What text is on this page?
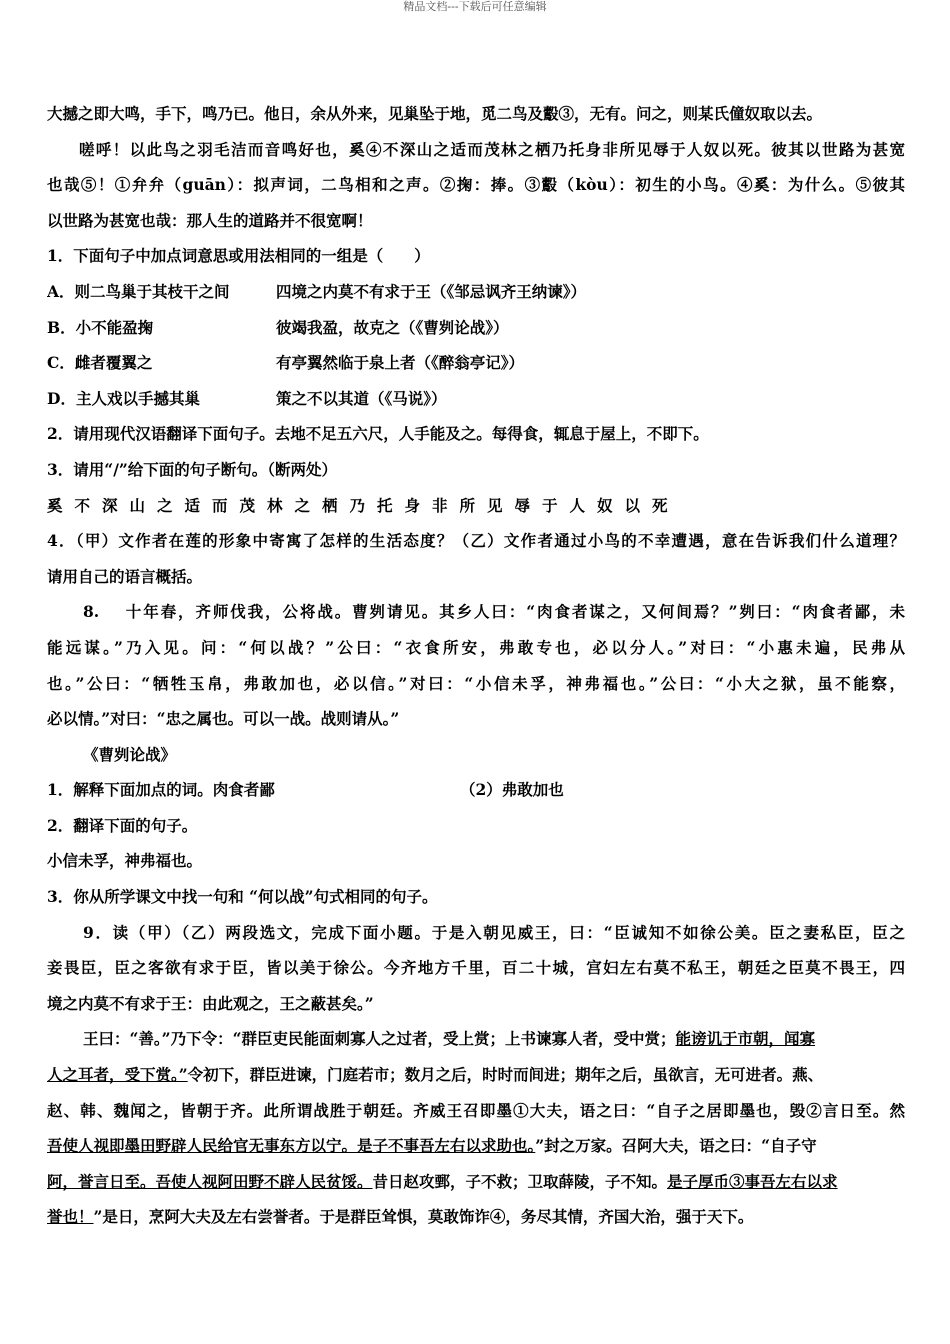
精品文档---下载后可任意编辑
大撼之即大鸣，手下，鸣乃已。他日，余从外来，见巢坠于地，觅二鸟及鷇③，无有。问之，则某氏僮奴取以去。
嗟呼！以此鸟之羽毛洁而音鸣好也，奚④不深山之适而茂林之栖乃托身非所见辱于人奴以死。彼其以世路为甚宽
也哉⑤！①弁弁（guān）：拟声词，二鸟相和之声。②掬：捧。③鷇（kòu）：初生的小鸟。④奚：为什么。⑤彼其
以世路为甚宽也哉：那人生的道路并不很宽啊！
1．下面句子中加点词意思或用法相同的一组是（　　）
A．则二鸟巢于其枝干之间	四境之内莫不有求于王（《邹忌讽齐王纳谏》）
B．小不能盈掬	彼竭我盈，故克之（《曹刿论战》）
C．雌者覆翼之	有亭翼然临于泉上者（《醉翁亭记》）
D．主人戏以手撼其巢	策之不以其道（《马说》）
2．请用现代汉语翻译下面句子。去地不足五六尺，人手能及之。每得食，辄息于屋上，不即下。
3．请用“/”给下面的句子断句。（断两处）
奚不深山之适而茂林之栖乃托身非所见辱于人奴以死
4．（甲）文作者在莲的形象中寄寓了怎样的生活态度？（乙）文作者通过小鸟的不幸遭遇，意在告诉我们什么道理？
请用自己的语言概括。
8.　 十年春，齐师伐我，公将战。曹刿请见。其乡人曰：“肉食者谋之，又何间焉？”刿曰：“肉食者鄙，未
能远谋。”乃入见。问：“何以战？”公曰：“衣食所安，弗敢专也，必以分人。”对曰：“小惠未遍，民弗从
也。”公曰：“牺牲玉帛，弗敢加也，必以信。”对曰：“小信未孚，神弗福也。”公曰：“小大之狱，虽不能察，
必以情。”对曰：“忠之属也。可以一战。战则请从。”
《曹刿论战》
1．解释下面加点的词。肉食者鄙	（2）弗敢加也
2．翻译下面的句子。
小信未孚，神弗福也。
3．你从所学课文中找一句和 “何以战”句式相同的句子。
9．读（甲）（乙）两段选文，完成下面小题。于是入朝见威王，曰：“臣诚知不如徐公美。臣之妻私臣，臣之
妾畏臣，臣之客欲有求于臣，皆以美于徐公。今齐地方千里，百二十城，宫妇左右莫不私王，朝廷之臣莫不畏王，四
境之内莫不有求于王：由此观之，王之蔽甚矣。”
王曰：“善。”乃下令：“群臣吏民能面刺寡人之过者，受上赏；上书谏寡人者，受中赏；能谤讥于市朝，闻寡
人之耳者，受下赏。”令初下，群臣进谏，门庭若市；数月之后，时时而间进；期年之后，虽欲言，无可进者。燕、
赵、韩、魏闻之，皆朝于齐。此所谓战胜于朝廷。齐威王召即墨①大夫，语之曰：“自子之居即墨也，毁②言日至。然
吾使人视即墨田野辟人民给官无事东方以宁。是子不事吾左右以求助也。”封之万家。召阿大夫，语之曰：“自子守
阿，誉言日至。吾使人视阿田野不辟人民贫馁。昔日赵攻鄄，子不救；卫取薛陵，子不知。是子厚币③事吾左右以求
誉也！”是日，烹阿大夫及左右尝誉者。于是群臣耸惧，莫敢饰诈④，务尽其情，齐国大治，强于天下。
